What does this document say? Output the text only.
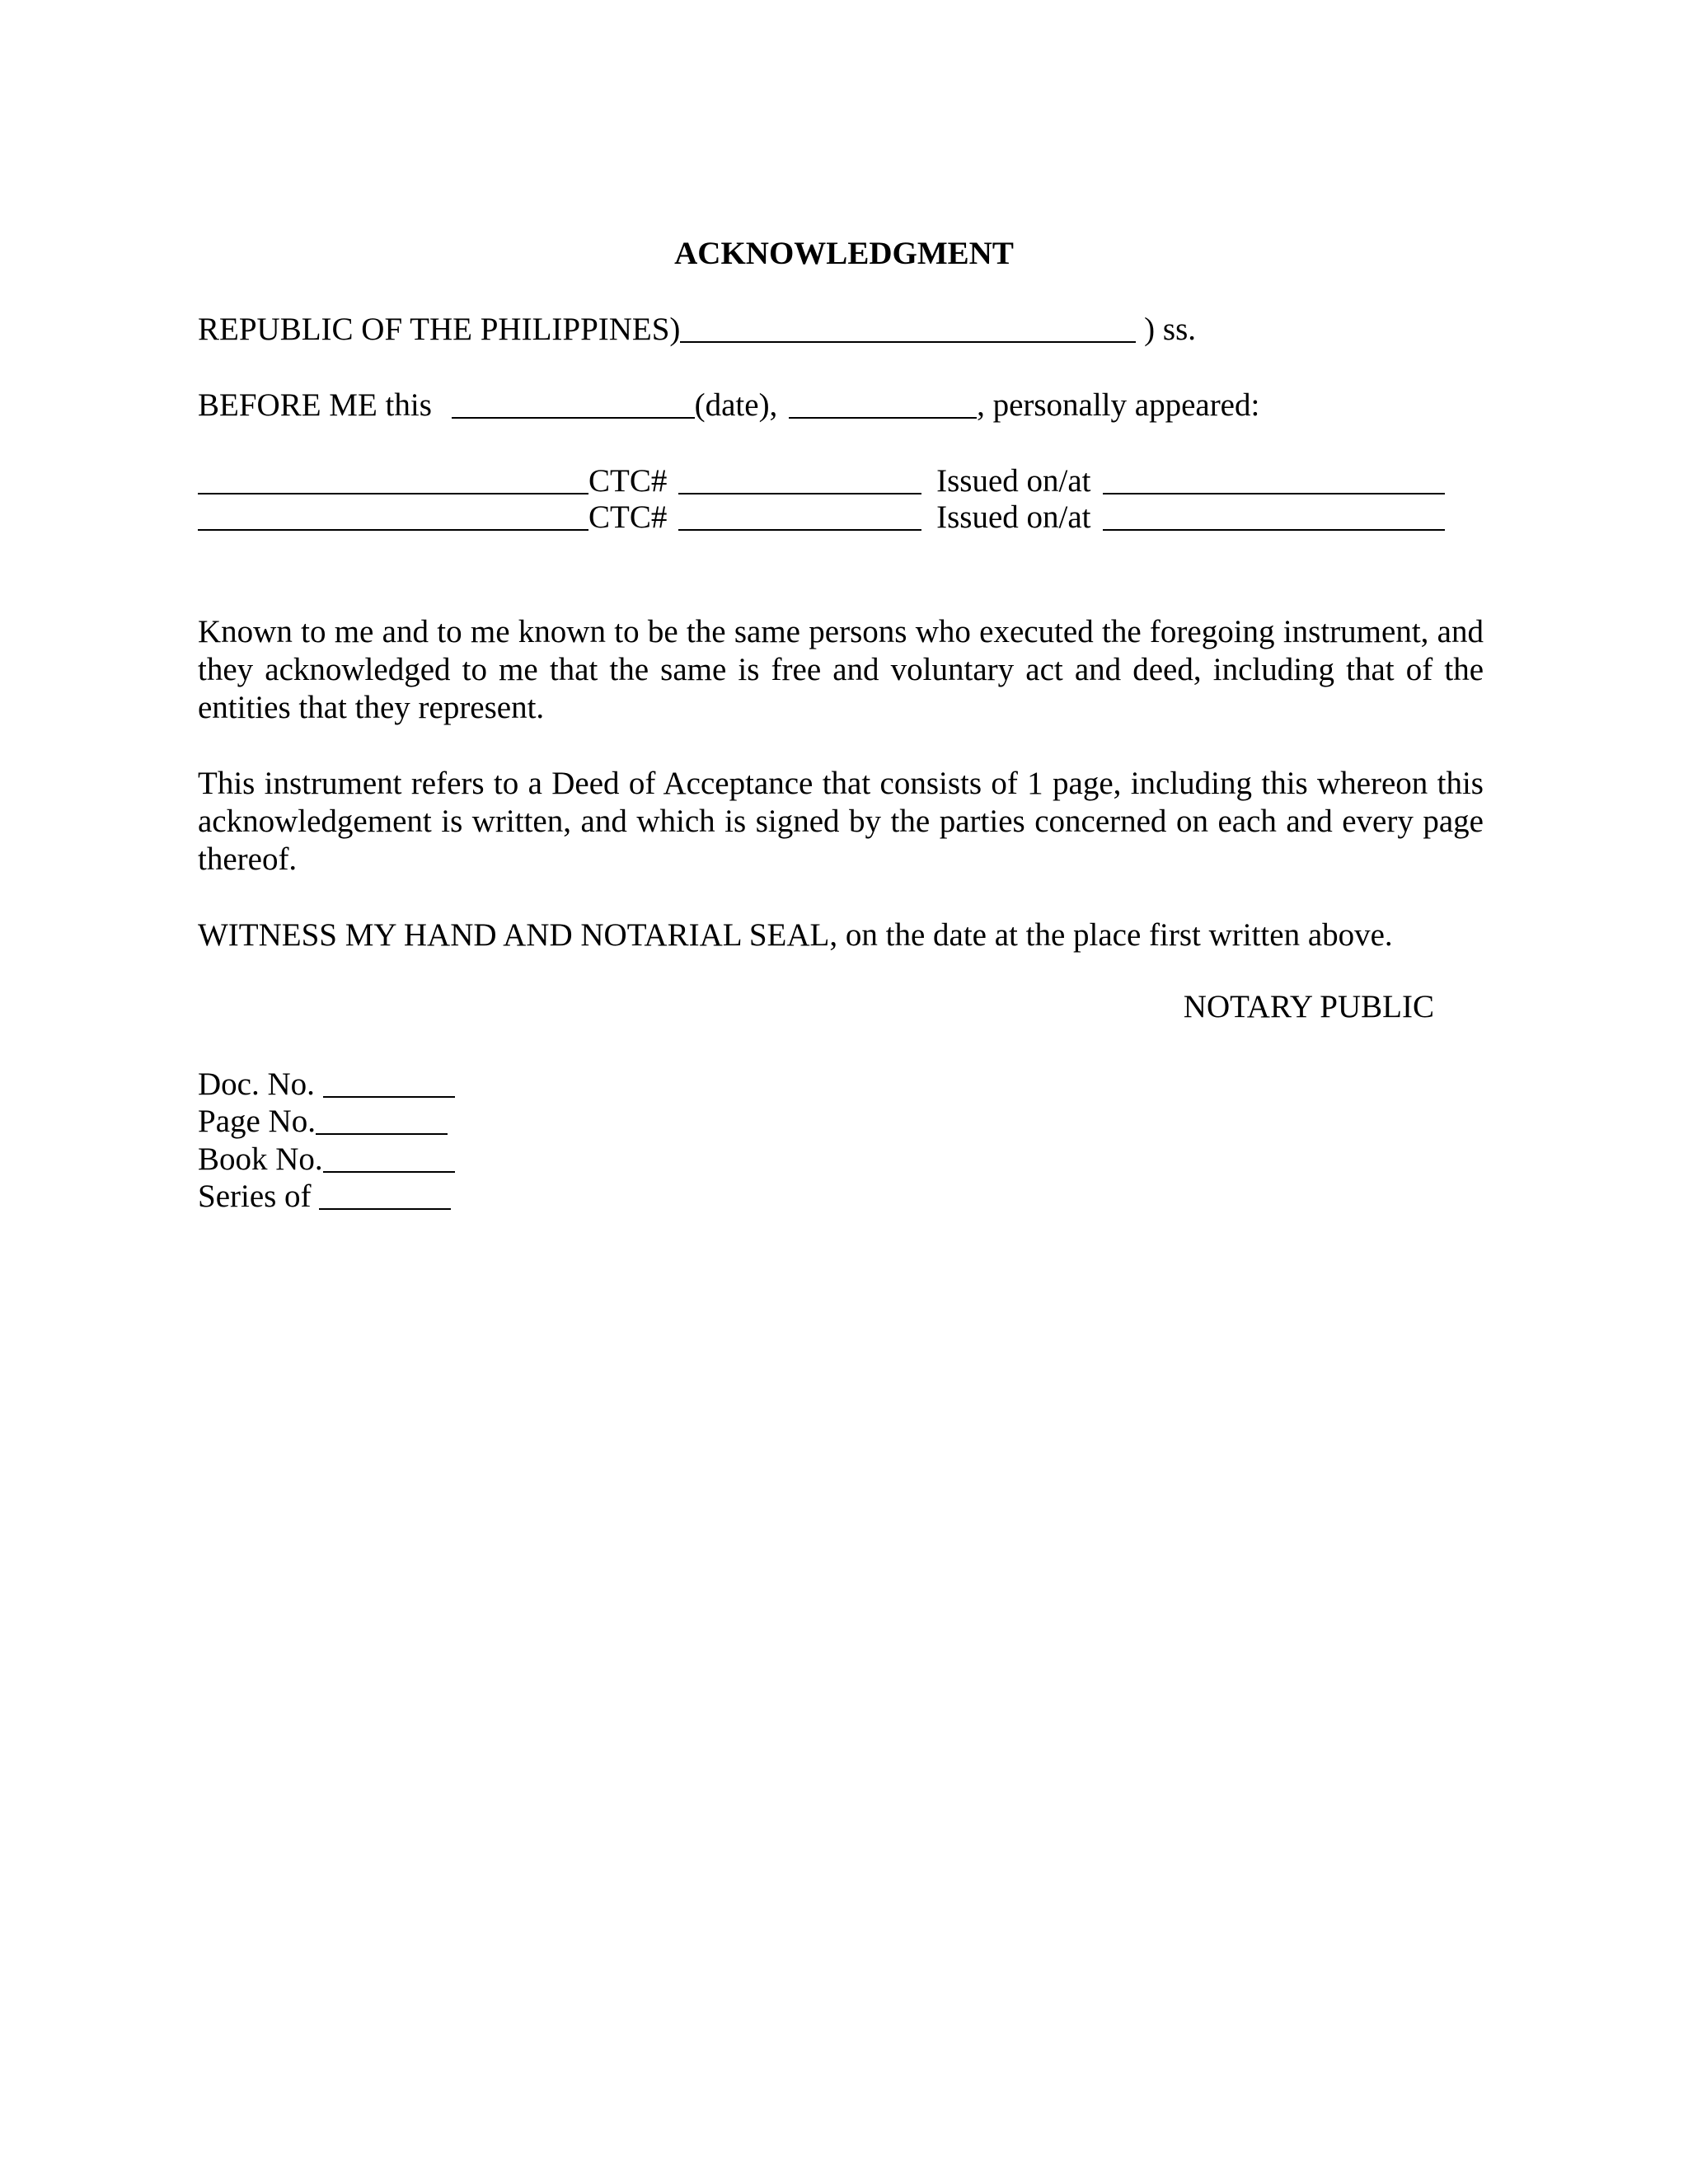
ACKNOWLEDGMENT
REPUBLIC OF THE PHILIPPINES)	) ss.
BEFORE ME this	(date),	, personally appeared:
CTC#	Issued on/at
CTC#	Issued on/at
Known to me and to me known to be the same persons who executed the foregoing instrument, and they acknowledged to me that the same is free and voluntary act and deed, including that of the entities that they represent.
This instrument refers to a Deed of Acceptance that consists of 1 page, including this whereon this acknowledgement is written, and which is signed by the parties concerned on each and every page thereof.
WITNESS MY HAND AND NOTARIAL SEAL, on the date at the place first written above.
NOTARY PUBLIC
Doc. No.
Page No.
Book No.
Series of
